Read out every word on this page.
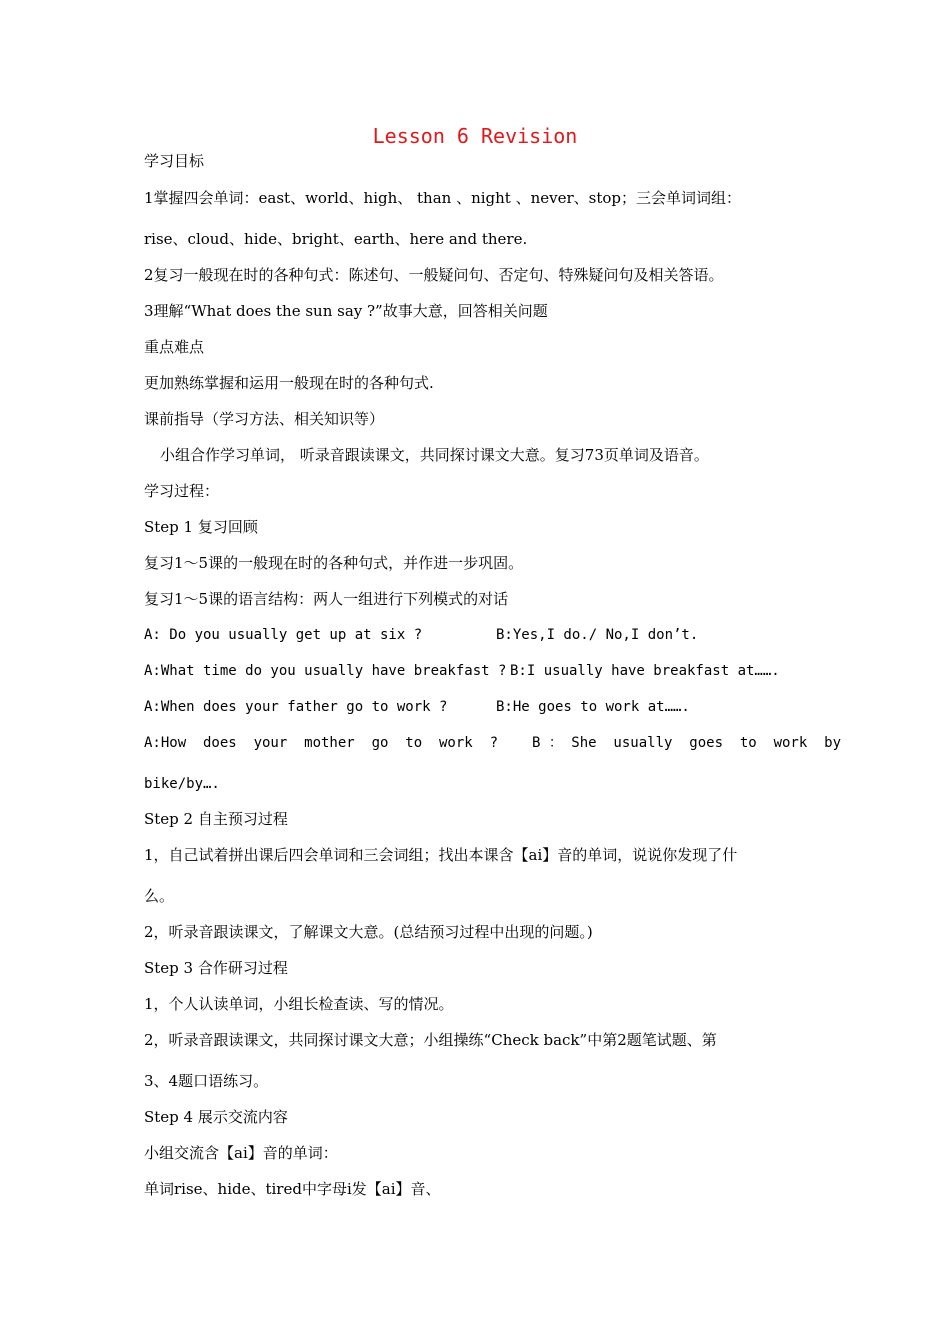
Lesson 6 Revision
学习目标
1掌握四会单词：east、world、high、 than 、night 、never、stop；三会单词词组：
rise、cloud、hide、bright、earth、here and there.
2复习一般现在时的各种句式：陈述句、一般疑问句、否定句、特殊疑问句及相关答语。
3理解“What does the sun say ?”故事大意，回答相关问题
重点难点
更加熟练掌握和运用一般现在时的各种句式.
课前指导（学习方法、相关知识等）
小组合作学习单词， 听录音跟读课文，共同探讨课文大意。复习73页单词及语音。
学习过程：
Step 1 复习回顾
复习1～5课的一般现在时的各种句式，并作进一步巩固。
复习1～5课的语言结构：两人一组进行下列模式的对话
A: Do you usually get up at six ?	B:Yes,I do./ No,I don’t.
A:What time do you usually have breakfast ? B:I usually have breakfast at…….
A:When does your father go to work ?	B:He goes to work at…….
A:How  does  your  mother  go  to  work  ? B ： She  usually  goes  to  work  by
bike/by….
Step 2 自主预习过程
1，自己试着拼出课后四会单词和三会词组；找出本课含【ai】音的单词，说说你发现了什
么。
2，听录音跟读课文，了解课文大意。(总结预习过程中出现的问题。)
Step 3 合作研习过程
1，个人认读单词，小组长检查读、写的情况。
2，听录音跟读课文，共同探讨课文大意；小组操练“Check back”中第2题笔试题、第
3、4题口语练习。
Step 4 展示交流内容
小组交流含【ai】音的单词：
单词rise、hide、tired中字母i发【ai】音、
